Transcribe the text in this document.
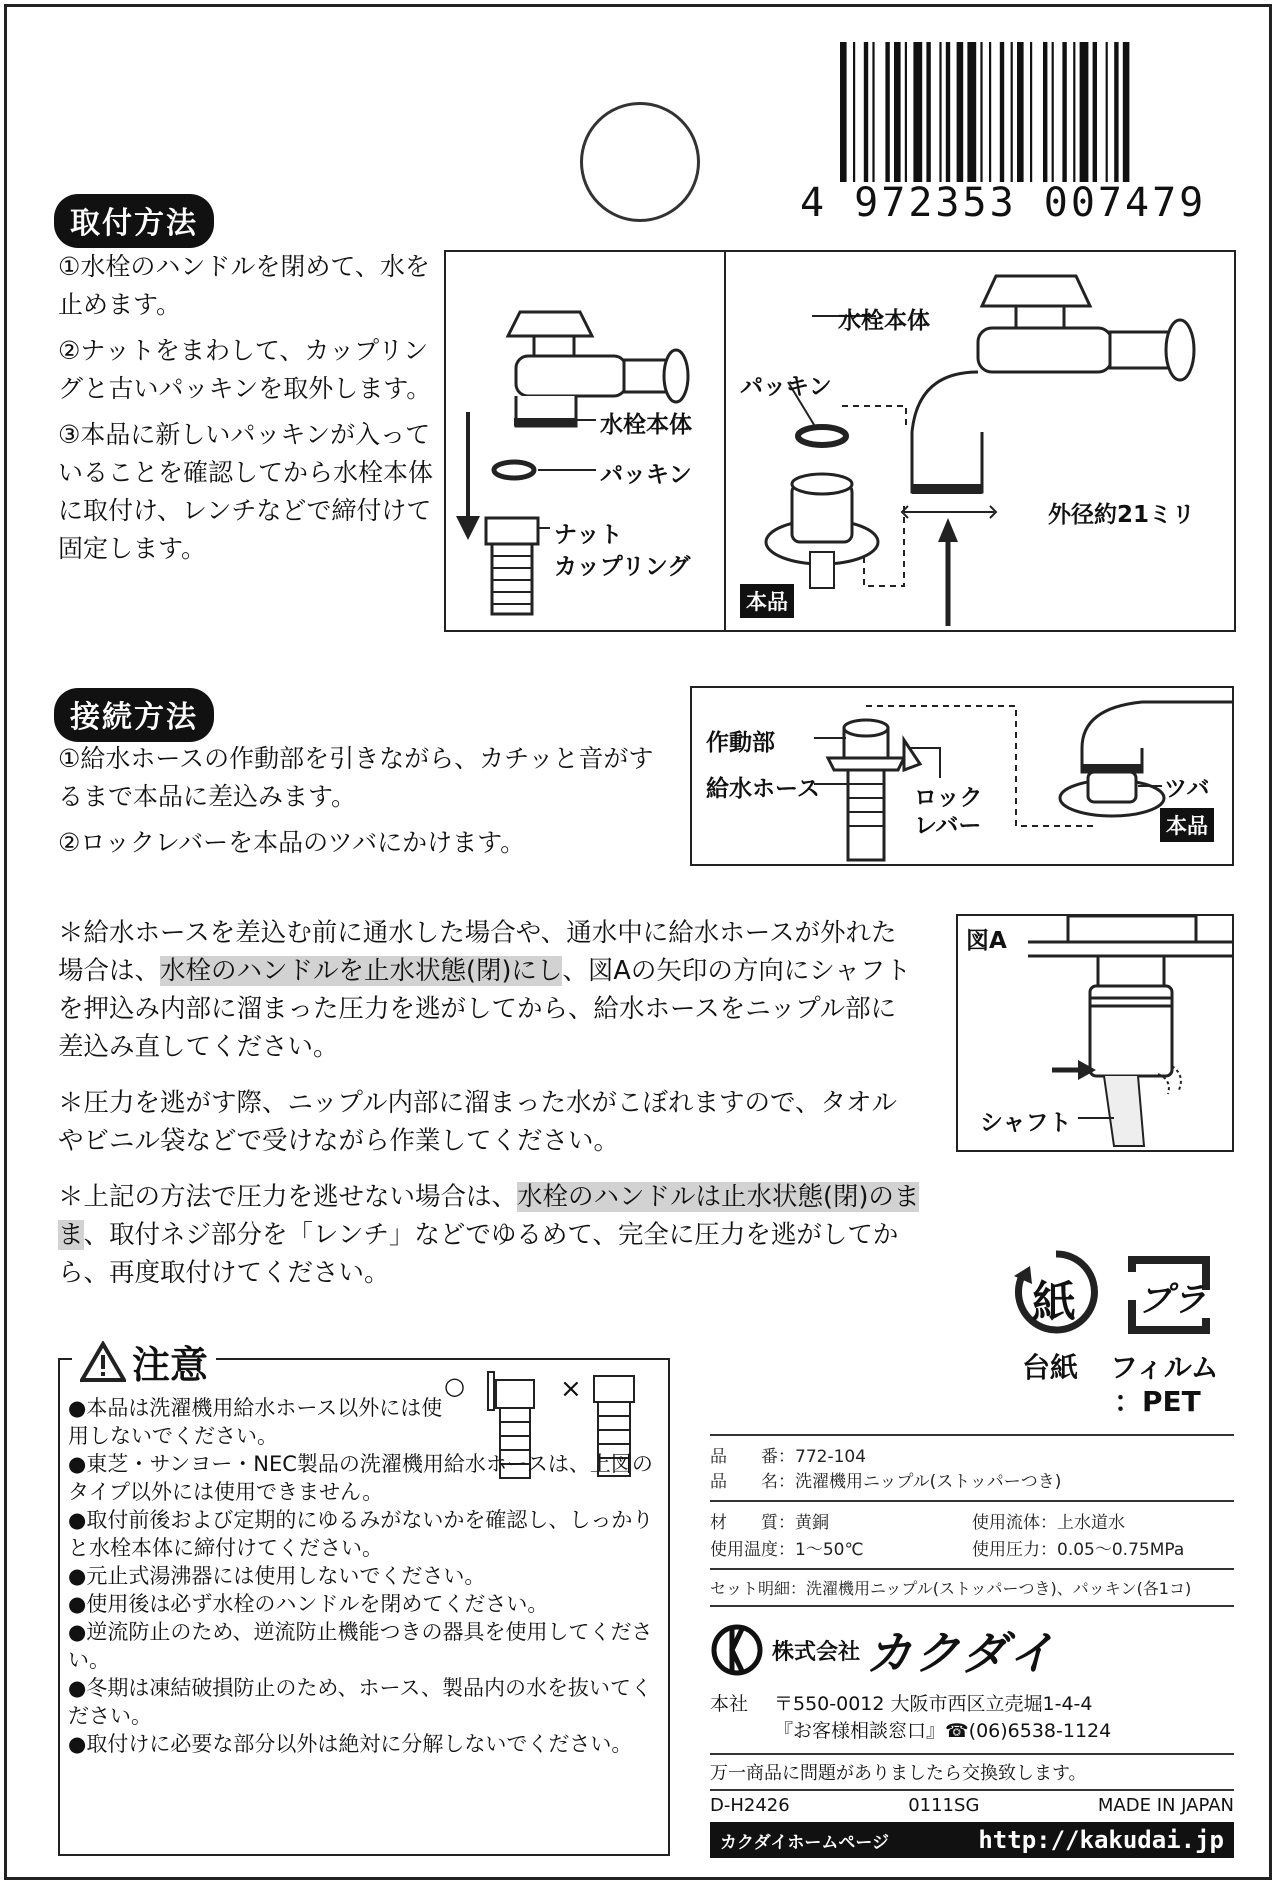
4 972353 007479
取付方法
①水栓のハンドルを閉めて、水を止めます。
②ナットをまわして、カップリングと古いパッキンを取外します。
③本品に新しいパッキンが入っていることを確認してから水栓本体に取付け、レンチなどで締付けて固定します。
水栓本体
パッキン
ナット
カップリング
水栓本体
パッキン
外径約21ミリ
本品
接続方法
①給水ホースの作動部を引きながら、カチッと音がするまで本品に差込みます。
②ロックレバーを本品のツバにかけます。
作動部
給水ホース	ロックレバー
ツバ
本品
＊給水ホースを差込む前に通水した場合や、通水中に給水ホースが外れた場合は、水栓のハンドルを止水状態(閉)にし、図Aの矢印の方向にシャフトを押込み内部に溜まった圧力を逃がしてから、給水ホースをニップル部に差込み直してください。
＊圧力を逃がす際、ニップル内部に溜まった水がこぼれますので、タオルやビニル袋などで受けながら作業してください。
＊上記の方法で圧力を逃せない場合は、水栓のハンドルは止水状態(閉)のまま、取付ネジ部分を「レンチ」などでゆるめて、完全に圧力を逃がしてから、再度取付けてください。
図A
シャフト
紙 プラ
台紙 フィルム
：PET
注意	○	×

●本品は洗濯機用給水ホース以外には使用しないでください。

●東芝・サンヨー・NEC製品の洗濯機用給水ホースは、上図のタイプ以外には使用できません。

●取付前後および定期的にゆるみがないかを確認し、しっかりと水栓本体に締付けてください。

●元止式湯沸器には使用しないでください。

●使用後は必ず水栓のハンドルを閉めてください。

●逆流防止のため、逆流防止機能つきの器具を使用してください。

●冬期は凍結破損防止のため、ホース、製品内の水を抜いてください。

●取付けに必要な部分以外は絶対に分解しないでください。

品　　番：772-104
品　　名：洗濯機用ニップル(ストッパーつき)
材　　質：黄銅	使用流体：上水道水
使用温度：1～50℃	使用圧力：0.05～0.75MPa
セット明細：洗濯機用ニップル(ストッパーつき)、パッキン(各1コ)
株式会社 カクダイ
本社	〒550-0012 大阪市西区立売堀1-4-4
『お客様相談窓口』☎(06)6538-1124
万一商品に問題がありましたら交換致します。
D-H2426	0111SG	MADE IN JAPAN
カクダイホームページ	http://kakudai.jp
